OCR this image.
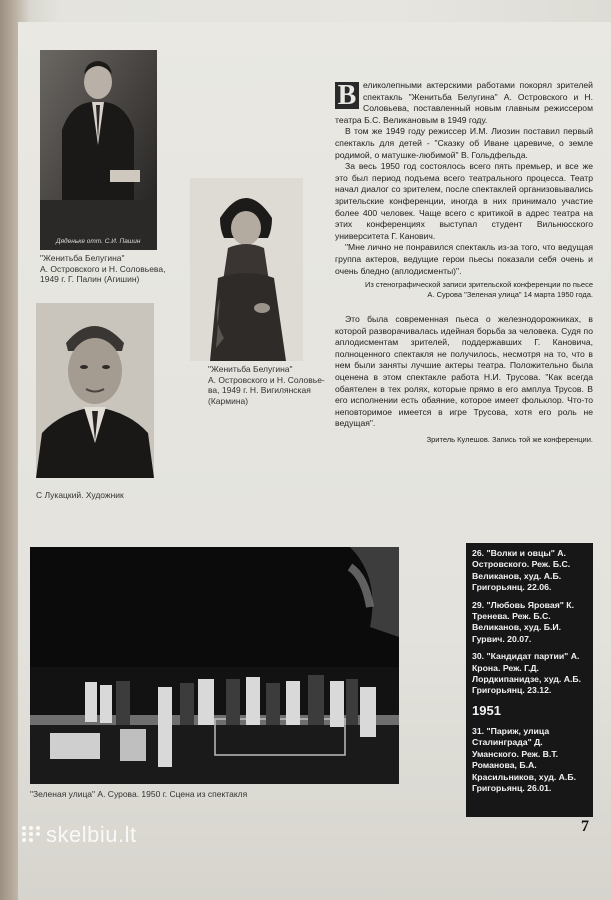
Дяденьке отт. С.И. Пашин
"Женитьба Белугина"
А. Островского и Н. Соловьева,
1949 г. Г. Палин (Агишин)
"Женитьба Белугина"
А. Островского и Н. Соловье-
ва, 1949 г. Н. Вигилянская
(Кармина)
С Лукацкий. Художник

В еликолепными актерскими работами покорял зрителей спектакль "Женитьба Белугина" А. Островского и Н. Соловьева, поставленный новым главным режиссером театра Б.С. Великановым в 1949 году.

В том же 1949 году режиссер И.М. Лиозин поставил первый спектакль для детей - "Сказку об Иване царевиче, о земле родимой, о матушке-любимой" В. Гольдфельда.

За весь 1950 год состоялось всего пять премьер, и все же это был период подъема всего театрального процесса. Театр начал диалог со зрителем, после спектаклей организовывались зрительские конференции, иногда в них принимало участие более 400 человек. Чаще всего с критикой в адрес театра на этих конференциях выступал студент Вильнюсского университета Г. Канович.

"Мне лично не понравился спектакль из-за того, что ведущая группа актеров, ведущие герои пьесы показали себя очень и очень бледно (аплодисменты)".

Из стенографической записи зрительской конференции по пьесе
А. Сурова "Зеленая улица" 14 марта 1950 года.

Это была современная пьеса о железнодорожниках, в которой разворачивалась идейная борьба за человека. Судя по аплодисментам зрителей, поддержавших Г. Кановича, полноценного спектакля не получилось, несмотря на то, что в нем были заняты лучшие актеры театра. Положительно была оценена в этом спектакле работа Н.И. Трусова. "Как всегда обаятелен в тех ролях, которые прямо в его амплуа Трусов. В его исполнении есть обаяние, которое имеет фольклор. Что-то неповторимое имеется в игре Трусова, хотя его роль не ведущая".

Зритель Кулешов. Запись той же конференции.
"Зеленая улица" А. Сурова. 1950 г. Сцена из спектакля
26. "Волки и овцы" А. Островского. Реж. Б.С. Великанов, худ. А.Б. Григорьянц. 22.06.
29. "Любовь Яровая" К. Тренева. Реж. Б.С. Великанов, худ. Б.И. Гурвич. 20.07.
30. "Кандидат партии" А. Крона. Реж. Г.Д. Лордкипанидзе, худ. А.Б. Григорьянц. 23.12.
1951
31. "Париж, улица Сталинграда" Д. Уманского. Реж. В.Т. Романова, Б.А. Красильников, худ. А.Б. Григорьянц. 26.01.
7
skelbiu.lt
